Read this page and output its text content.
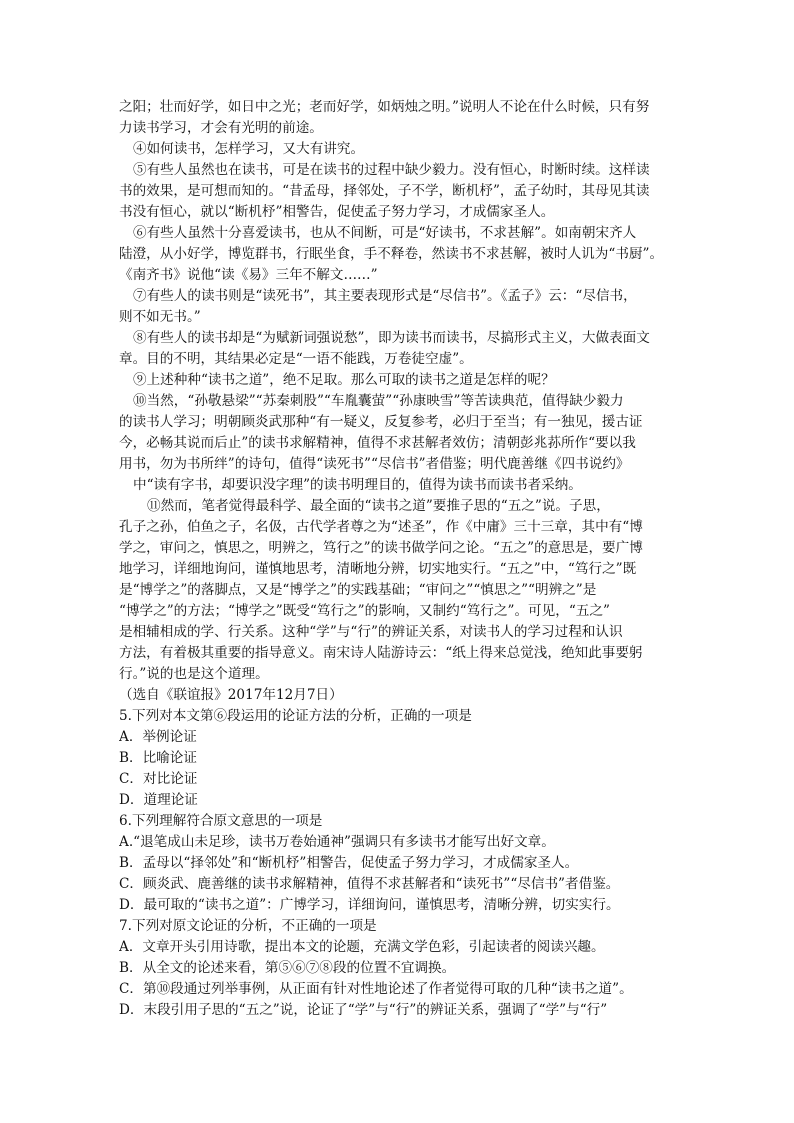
之阳；壮而好学，如日中之光；老而好学，如炳烛之明。”说明人不论在什么时候，只有努
力读书学习，才会有光明的前途。
④如何读书，怎样学习，又大有讲究。
⑤有些人虽然也在读书，可是在读书的过程中缺少毅力。没有恒心，时断时续。这样读
书的效果，是可想而知的。“昔孟母，择邻处，子不学，断机杼”，孟子幼时，其母见其读
书没有恒心，就以“断机杼”相警告，促使孟子努力学习，才成儒家圣人。
⑥有些人虽然十分喜爱读书，也从不间断，可是“好读书，不求甚解”。如南朝宋齐人
陆澄，从小好学，博览群书，行眠坐食，手不释卷，然读书不求甚解，被时人讥为“书厨”。
《南齐书》说他“读《易》三年不解文……”
⑦有些人的读书则是“读死书”，其主要表现形式是“尽信书”。《孟子》云：“尽信书，
则不如无书。”
⑧有些人的读书却是“为赋新词强说愁”，即为读书而读书，尽搞形式主义，大做表面文
章。目的不明，其结果必定是“一语不能践，万卷徒空虚”。
⑨上述种种“读书之道”，绝不足取。那么可取的读书之道是怎样的呢？
⑩当然，“孙敬悬梁”“苏秦刺股”“车胤囊萤”“孙康映雪”等苦读典范，值得缺少毅力
的读书人学习；明朝顾炎武那种“有一疑义，反复参考，必归于至当；有一独见，援古证
今，必畅其说而后止”的读书求解精神，值得不求甚解者效仿；清朝彭兆荪所作“要以我
用书，勿为书所绊”的诗句，值得“读死书”“尽信书”者借鉴；明代鹿善继《四书说约》
中“读有字书，却要识没字理”的读书明理目的，值得为读书而读书者采纳。
⑪然而，笔者觉得最科学、最全面的“读书之道”要推子思的“五之”说。子思，
孔子之孙，伯鱼之子，名伋，古代学者尊之为“述圣”，作《中庸》三十三章，其中有“博
学之，审问之，慎思之，明辨之，笃行之”的读书做学问之论。“五之”的意思是，要广博
地学习，详细地询问，谨慎地思考，清晰地分辨，切实地实行。“五之”中，“笃行之”既
是“博学之”的落脚点，又是“博学之”的实践基础；“审问之”“慎思之”“明辨之”是
“博学之”的方法；“博学之”既受“笃行之”的影响，又制约“笃行之”。可见，“五之”
是相辅相成的学、行关系。这种“学”与“行”的辨证关系，对读书人的学习过程和认识
方法，有着极其重要的指导意义。南宋诗人陆游诗云：“纸上得来总觉浅，绝知此事要躬
行。”说的也是这个道理。
（选自《联谊报》2017年12月7日）
5.下列对本文第⑥段运用的论证方法的分析，正确的一项是
A．举例论证
B．比喻论证
C．对比论证
D．道理论证
6.下列理解符合原文意思的一项是
A.“退笔成山未足珍，读书万卷始通神”强调只有多读书才能写出好文章。
B．孟母以“择邻处”和“断机杼”相警告，促使孟子努力学习，才成儒家圣人。
C．顾炎武、鹿善继的读书求解精神，值得不求甚解者和“读死书”“尽信书”者借鉴。
D．最可取的“读书之道”：广博学习，详细询问，谨慎思考，清晰分辨，切实实行。
7.下列对原文论证的分析，不正确的一项是
A．文章开头引用诗歌，提出本文的论题，充满文学色彩，引起读者的阅读兴趣。
B．从全文的论述来看，第⑤⑥⑦⑧段的位置不宜调换。
C．第⑩段通过列举事例，从正面有针对性地论述了作者觉得可取的几种“读书之道”。
D．末段引用子思的“五之”说，论证了“学”与“行”的辨证关系，强调了“学”与“行”
